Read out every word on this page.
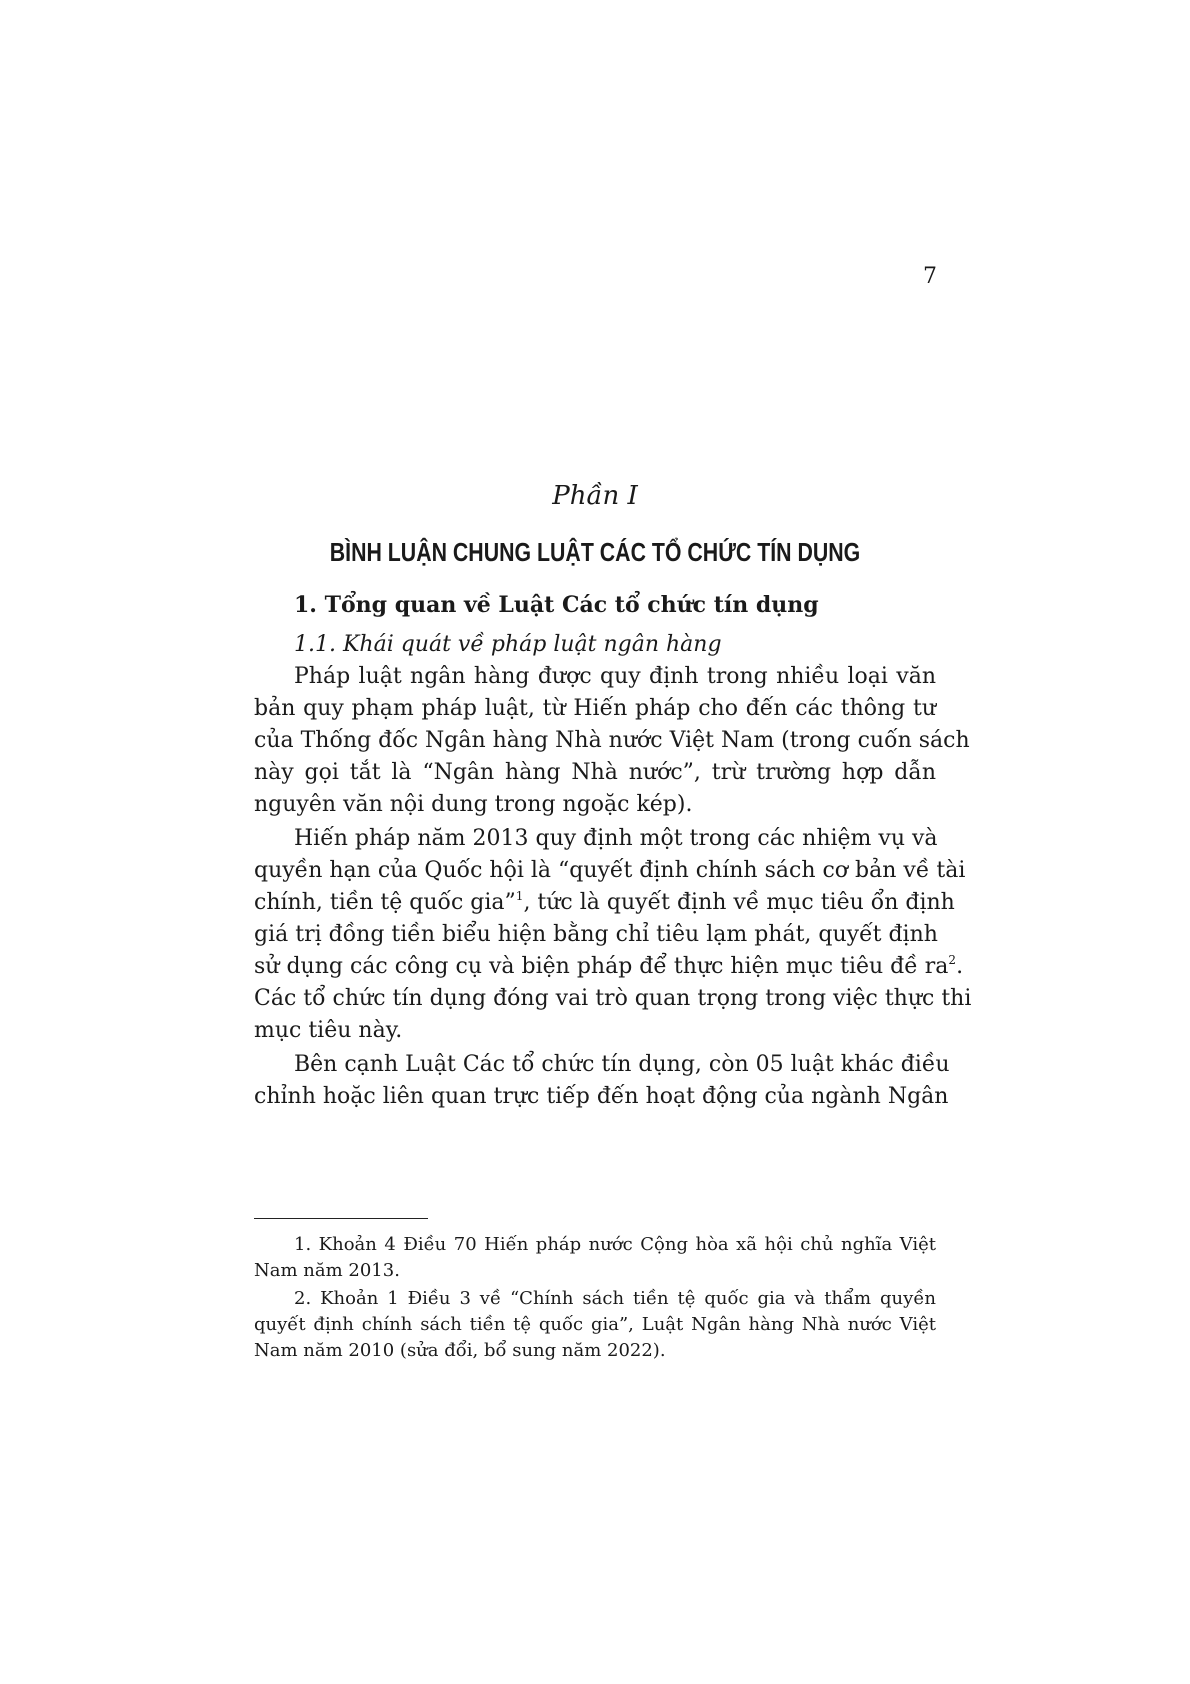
7
Phần I
BÌNH LUẬN CHUNG LUẬT CÁC TỔ CHỨC TÍN DỤNG
1. Tổng quan về Luật Các tổ chức tín dụng
1.1. Khái quát về pháp luật ngân hàng
Pháp luật ngân hàng được quy định trong nhiều loại văn
bản quy phạm pháp luật, từ Hiến pháp cho đến các thông tư
của Thống đốc Ngân hàng Nhà nước Việt Nam (trong cuốn sách
này gọi tắt là “Ngân hàng Nhà nước”, trừ trường hợp dẫn
nguyên văn nội dung trong ngoặc kép).
Hiến pháp năm 2013 quy định một trong các nhiệm vụ và
quyền hạn của Quốc hội là “quyết định chính sách cơ bản về tài
chính, tiền tệ quốc gia”$^1$, tức là quyết định về mục tiêu ổn định
giá trị đồng tiền biểu hiện bằng chỉ tiêu lạm phát, quyết định
sử dụng các công cụ và biện pháp để thực hiện mục tiêu đề $ra^2$.
Các tổ chức tín dụng đóng vai trò quan trọng trong việc thực thi
mục tiêu này.
Bên cạnh Luật Các tổ chức tín dụng, còn 05 luật khác điều
chỉnh hoặc liên quan trực tiếp đến hoạt động của ngành Ngân
1. Khoản 4 Điều 70 Hiến pháp nước Cộng hòa xã hội chủ nghĩa Việt
Nam năm 2013.
2. Khoản 1 Điều 3 về “Chính sách tiền tệ quốc gia và thẩm quyền
quyết định chính sách tiền tệ quốc gia”, Luật Ngân hàng Nhà nước Việt
Nam năm 2010 (sửa đổi, bổ sung năm 2022).
